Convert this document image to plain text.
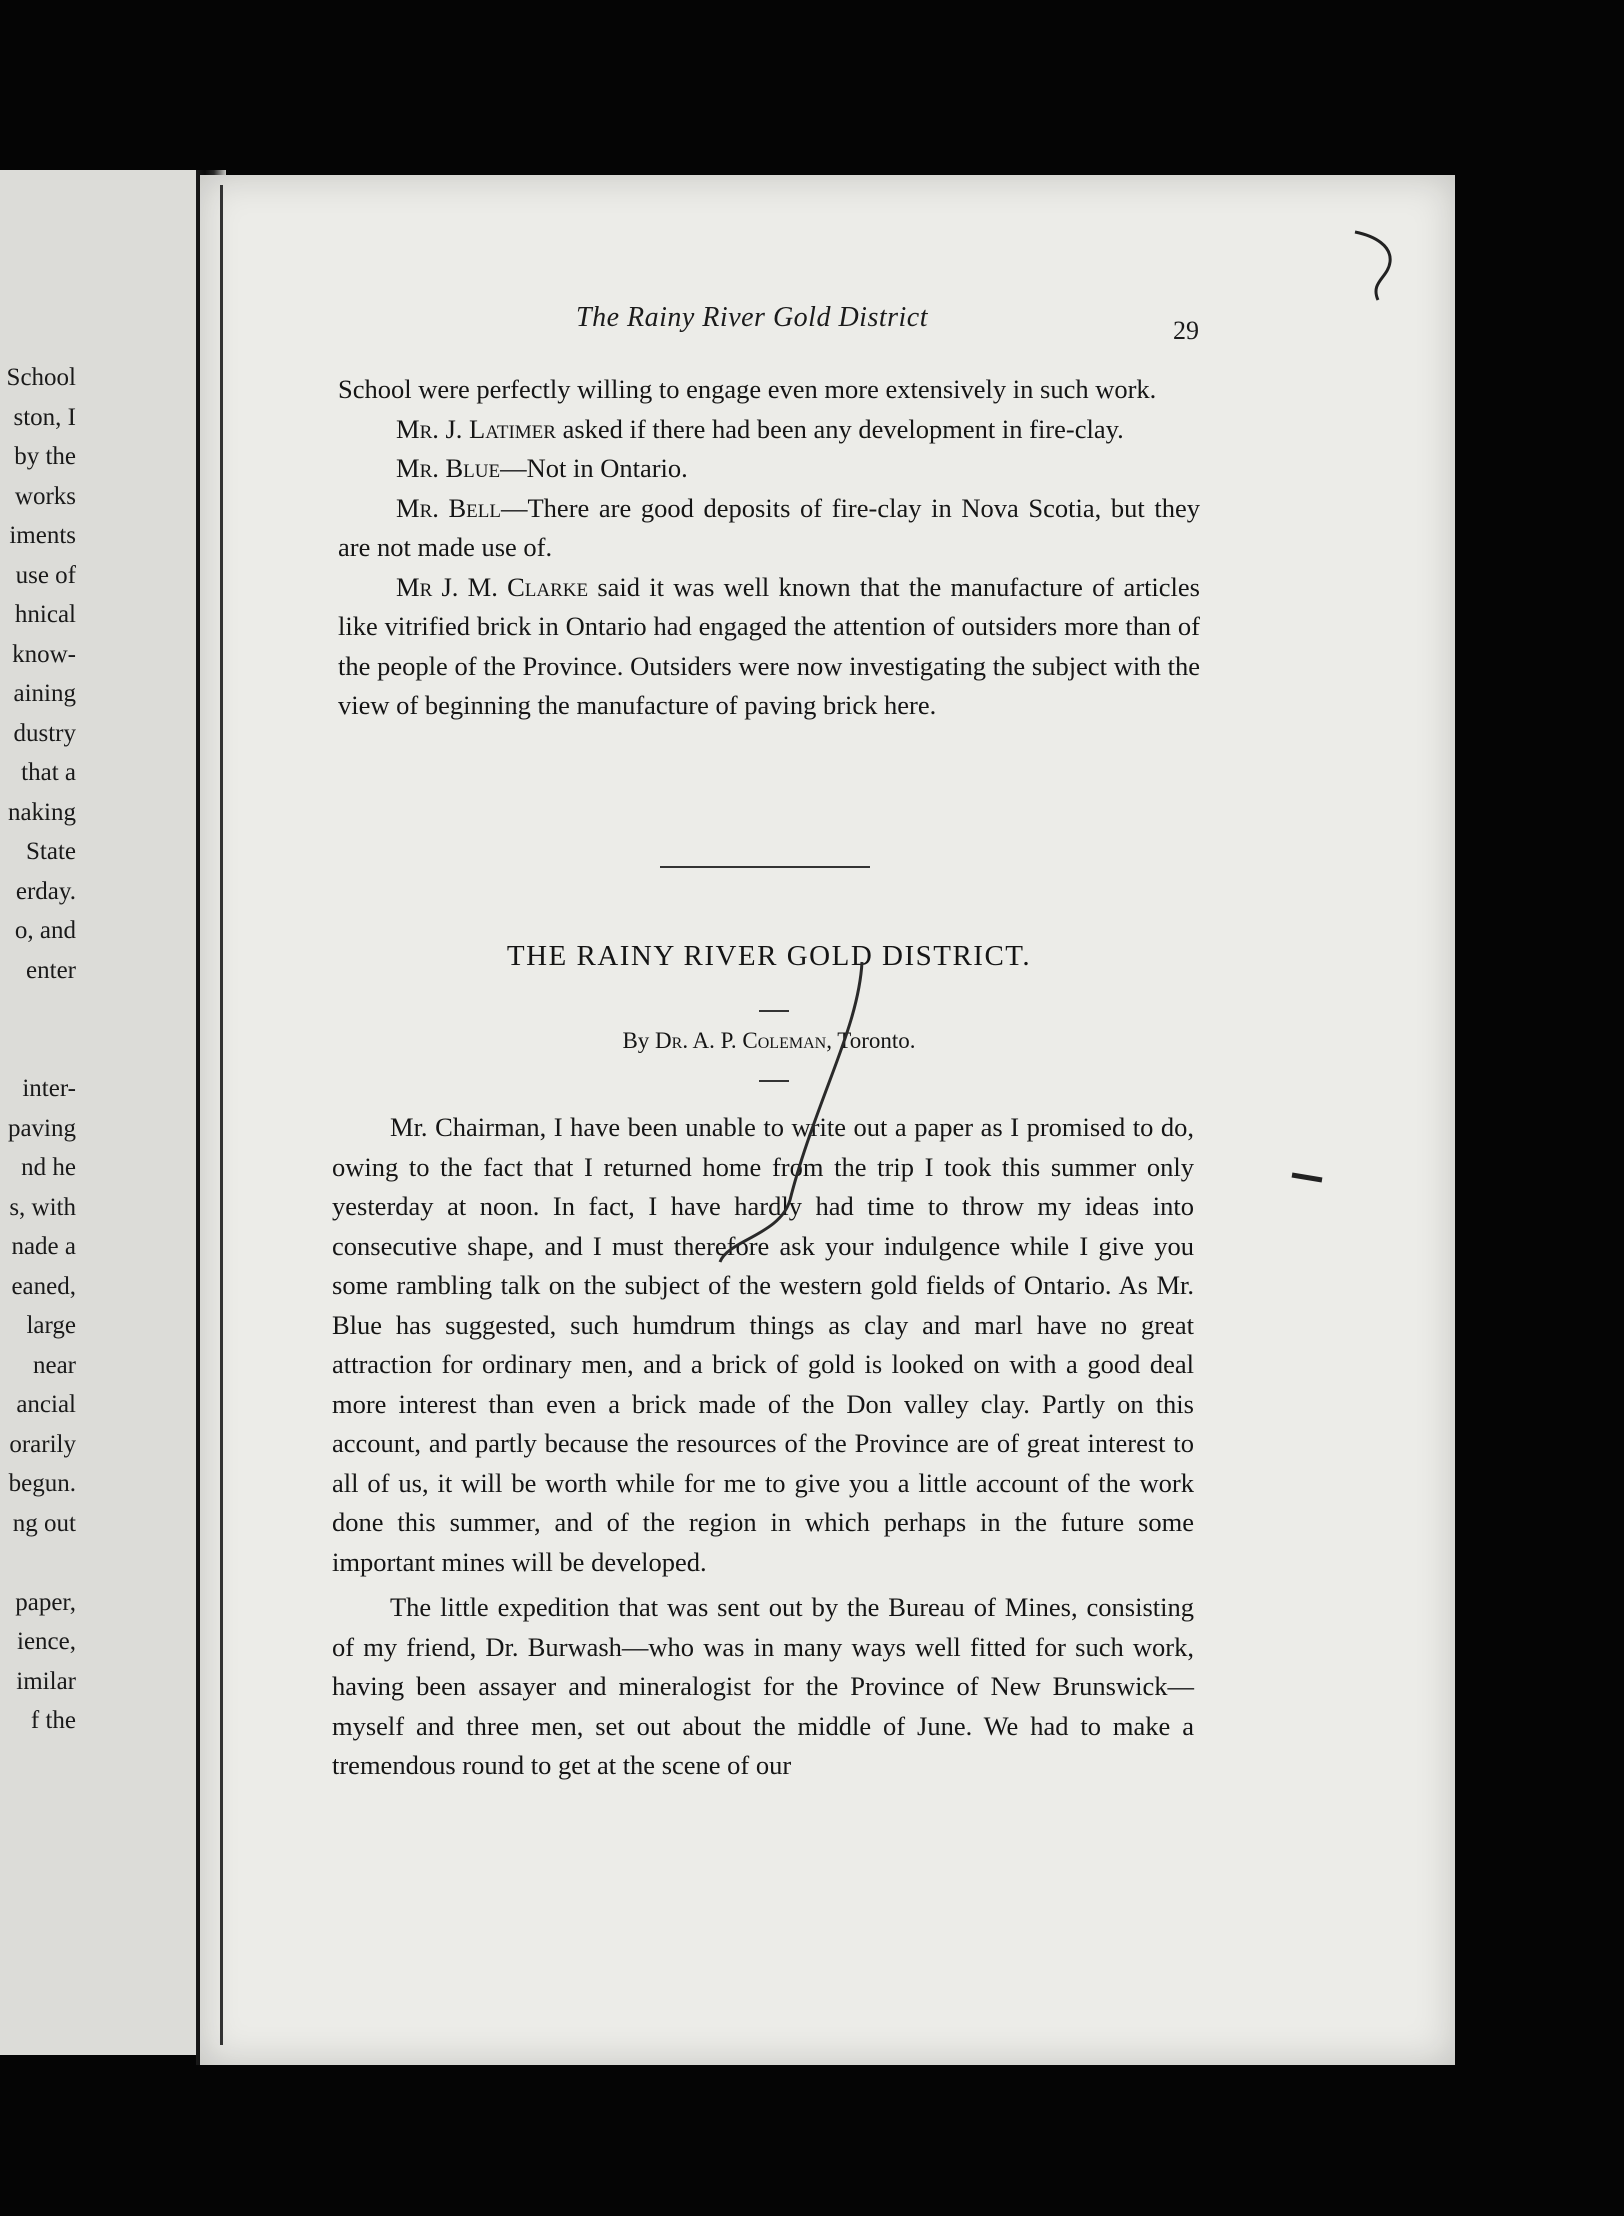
School
ston, I
by the
works
iments
use of
hnical
know-
aining
dustry
that a
naking
State
erday.
o, and
enter
inter-
paving
nd he
s, with
nade a
eaned,
large
near
ancial
orarily
begun.
ng out
paper,
ience,
imilar
f the
The Rainy River Gold District	29

School were perfectly willing to engage even more extensively in such work.

Mr. J. Latimer asked if there had been any development in fire-clay.

Mr. Blue—Not in Ontario.

Mr. Bell—There are good deposits of fire-clay in Nova Scotia, but they are not made use of.

Mr J. M. Clarke said it was well known that the manufacture of articles like vitrified brick in Ontario had engaged the attention of outsiders more than of the people of the Province. Outsiders were now investigating the subject with the view of beginning the manufacture of paving brick here.

THE RAINY RIVER GOLD DISTRICT.
By Dr. A. P. Coleman, Toronto.

Mr. Chairman, I have been unable to write out a paper as I promised to do, owing to the fact that I returned home from the trip I took this summer only yesterday at noon. In fact, I have hardly had time to throw my ideas into consecutive shape, and I must therefore ask your indulgence while I give you some rambling talk on the subject of the western gold fields of Ontario. As Mr. Blue has suggested, such humdrum things as clay and marl have no great attraction for ordinary men, and a brick of gold is looked on with a good deal more interest than even a brick made of the Don valley clay. Partly on this account, and partly because the resources of the Province are of great interest to all of us, it will be worth while for me to give you a little account of the work done this summer, and of the region in which perhaps in the future some important mines will be developed.

The little expedition that was sent out by the Bureau of Mines, consisting of my friend, Dr. Burwash—who was in many ways well fitted for such work, having been assayer and mineralogist for the Province of New Brunswick—myself and three men, set out about the middle of June. We had to make a tremendous round to get at the scene of our

5
